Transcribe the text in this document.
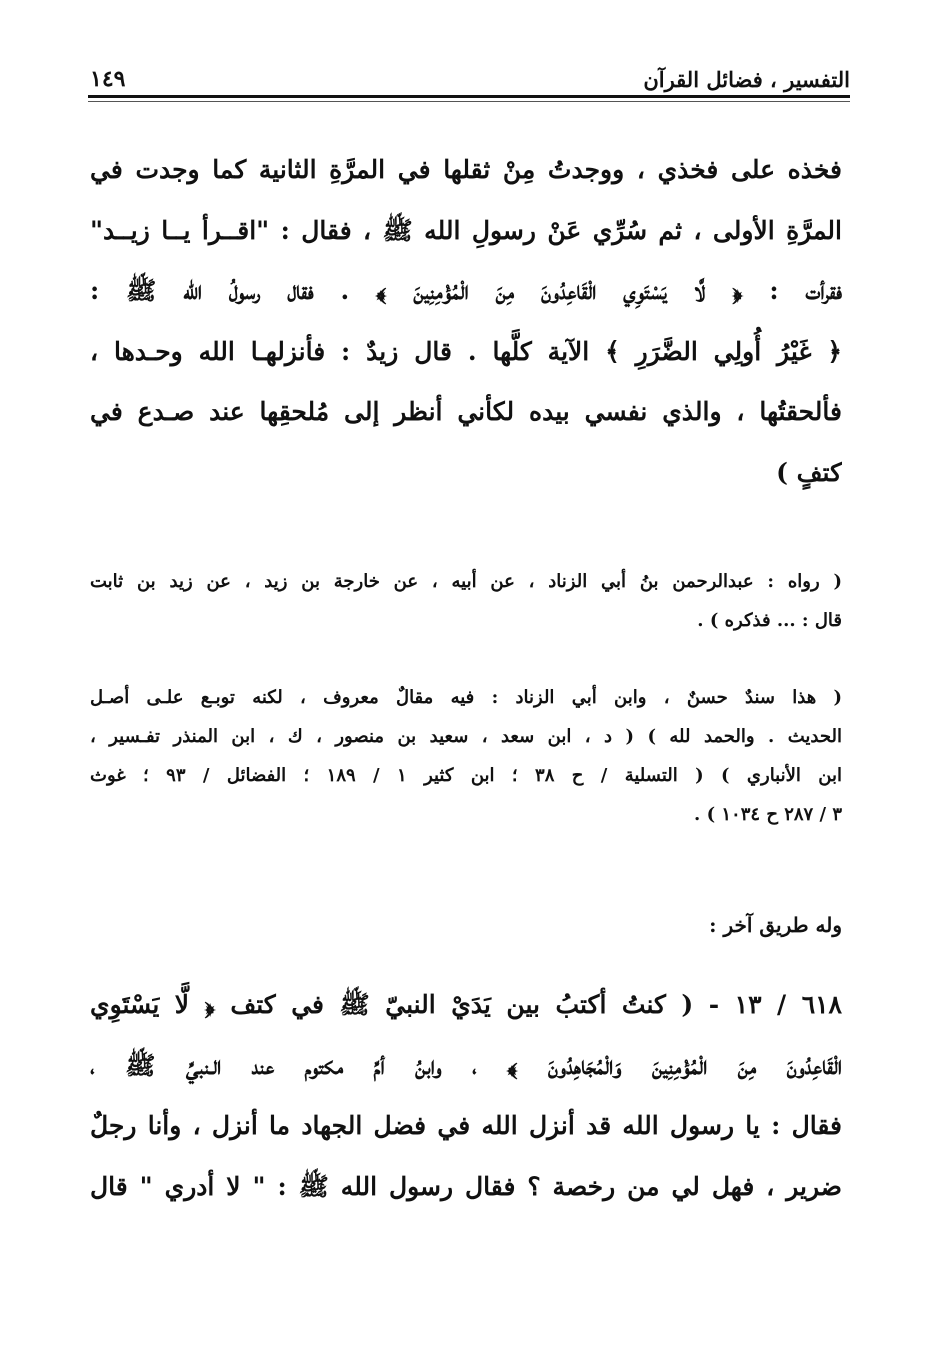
التفسير ، فضائل القرآن
١٤٩
فخذه على فخذي ، ووجدتُ مِنْ ثقلها في المرَّةِ الثانية كما وجدت في
المرَّةِ الأولى ، ثم سُرِّي عَنْ رسولِ الله ﷺ ، فقال : "اقــرأ يــا زيــد"
فقرأت : ﴿ لَّا يَسْتَوِي الْقَاعِدُونَ مِنَ الْمُؤْمِنِينَ ﴾ . فقال رسولُ الله ﷺ :
﴿ غَيْرُ أُولِي الضَّرَرِ ﴾ الآية كلَّها . قال زيدٌ : فأنزلهـا الله وحـدها ،
فألحقتُها ، والذي نفسي بيده لكأني أنظر إلى مُلحقِها عند صـدع في
كتفٍ )
( رواه : عبدالرحمن بنُ أبي الزناد ، عن أبيه ، عن خارجة بن زيد ، عن زيد بن ثابت
قال : ... فذكره ) .
( هذا سندٌ حسنٌ ، وابن أبي الزناد : فيه مقالٌ معروف ، لكنه توبـع علـى أصـل
الحديث . والحمد لله ) ( د ، ابن سعد ، سعيد بن منصور ، ك ، ابن المنذر تفـسير ،
ابن الأنباري ) ( التسلية / ح ٣٨ ؛ ابن كثير ١ / ١٨٩ ؛ الفضائل / ٩٣ ؛ غوث
٣ / ٢٨٧ ح ١٠٣٤ ) .
وله طريق آخر :
٦١٨ / ١٣ - ( كنتُ أكتبُ بين يَدَيْ النبيّ ﷺ في كتف ﴿ لَّا يَسْتَوِي
الْقَاعِدُونَ مِنَ الْمُؤْمِنِينَ وَالْمُجَاهِدُونَ ﴾ ، وابنُ أمِّ مكتوم عند الـنبيِّ ﷺ ،
فقال : يا رسول الله قد أنزل الله في فضل الجهاد ما أنزل ، وأنا رجلٌ
ضرير ، فهل لي من رخصة ؟ فقال رسول الله ﷺ : " لا أدري " قال
